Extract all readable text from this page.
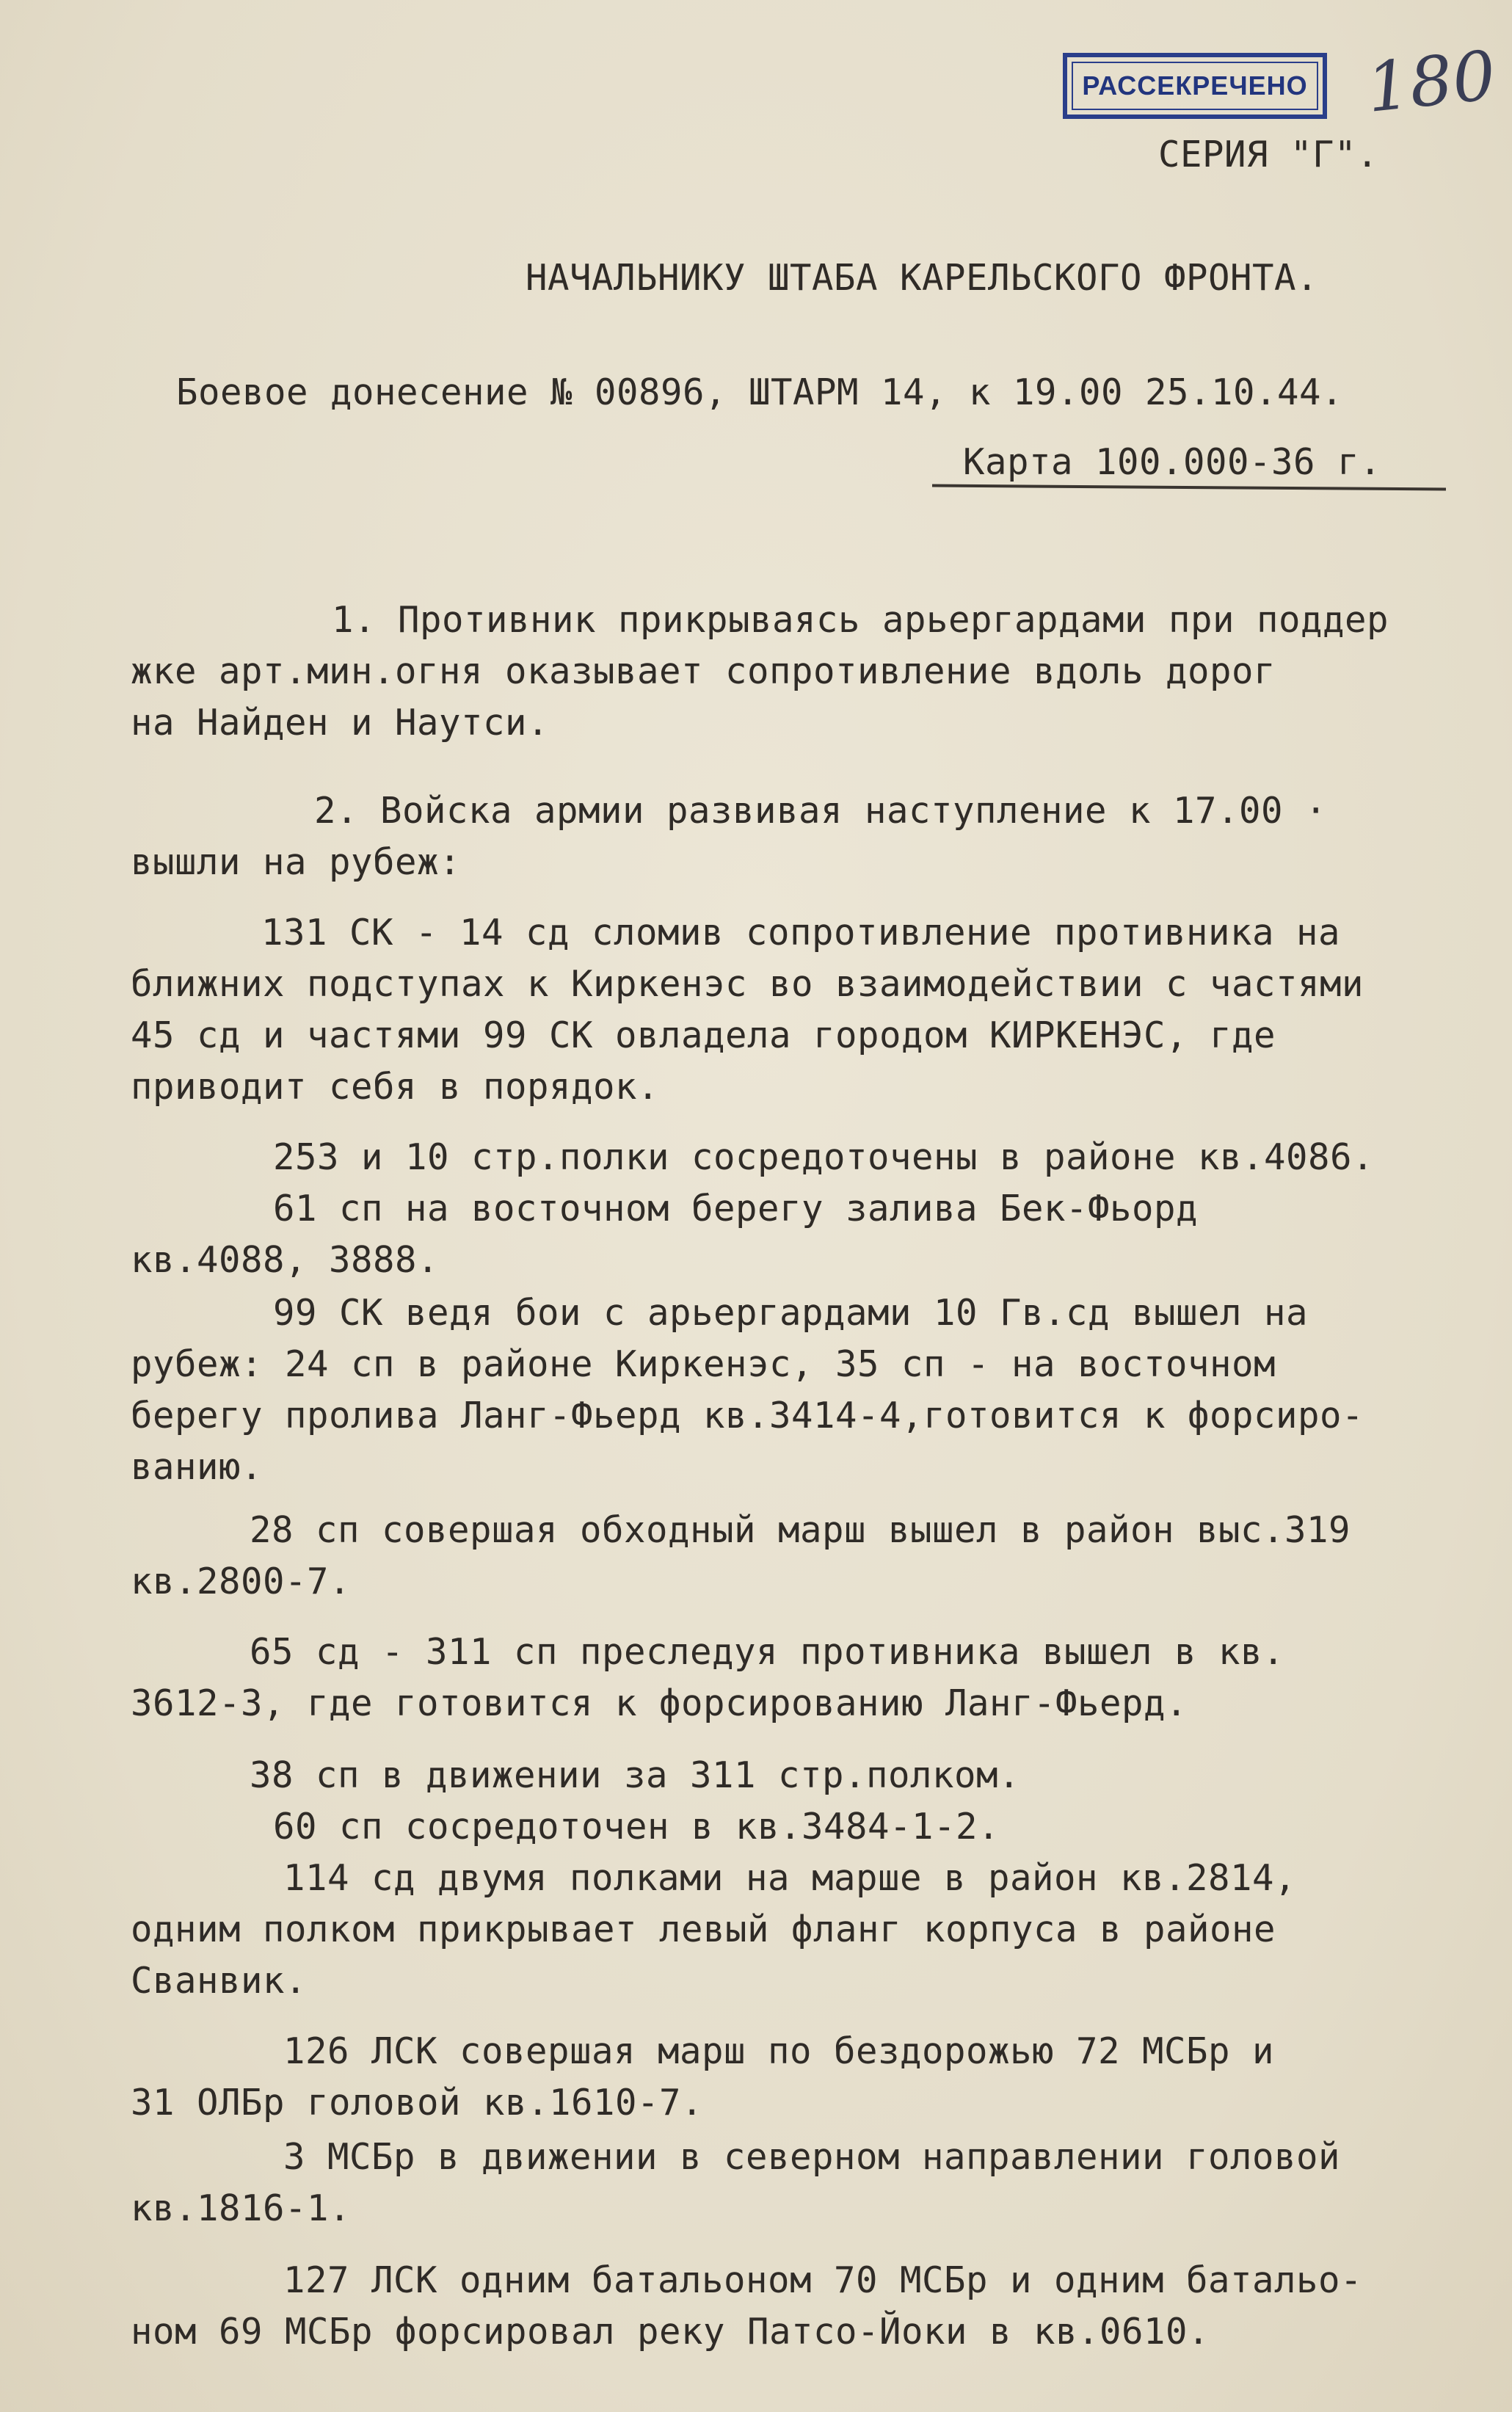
РАССЕКРЕЧЕНО 180
СЕРИЯ "Г".
НАЧАЛЬНИКУ ШТАБА КАРЕЛЬСКОГО ФРОНТА.
Боевое донесение № 00896, ШТАРМ 14, к 19.00 25.10.44.
Карта 100.000-36 г.
1. Противник прикрываясь арьергардами при поддер
жке арт.мин.огня оказывает сопротивление вдоль дорог
на Найден и Наутси.
2. Войска армии развивая наступление к 17.00 ·
вышли на рубеж:
131 СК - 14 сд сломив сопротивление противника на
ближних подступах к Киркенэс во взаимодействии с частями
45 сд и частями 99 СК овладела городом КИРКЕНЭС, где
приводит себя в порядок.
253 и 10 стр.полки сосредоточены в районе кв.4086.
61 сп на восточном берегу залива Бек-Фьорд
кв.4088, 3888.
99 СК ведя бои с арьергардами 10 Гв.сд вышел на
рубеж: 24 сп в районе Киркенэс, 35 сп - на восточном
берегу пролива Ланг-Фьерд кв.3414-4,готовится к форсиро-
ванию.
28 сп совершая обходный марш вышел в район выс.319
кв.2800-7.
65 сд - 311 сп преследуя противника вышел в кв.
3612-3, где готовится к форсированию Ланг-Фьерд.
38 сп в движении за 311 стр.полком.
60 сп сосредоточен в кв.3484-1-2.
114 сд двумя полками на марше в район кв.2814,
одним полком прикрывает левый фланг корпуса в районе
Сванвик.
126 ЛСК совершая марш по бездорожью 72 МСБр и
31 ОЛБр головой кв.1610-7.
3 МСБр в движении в северном направлении головой
кв.1816-1.
127 ЛСК одним батальоном 70 МСБр и одним батальо-
ном 69 МСБр форсировал реку Патсо-Йоки в кв.0610.
